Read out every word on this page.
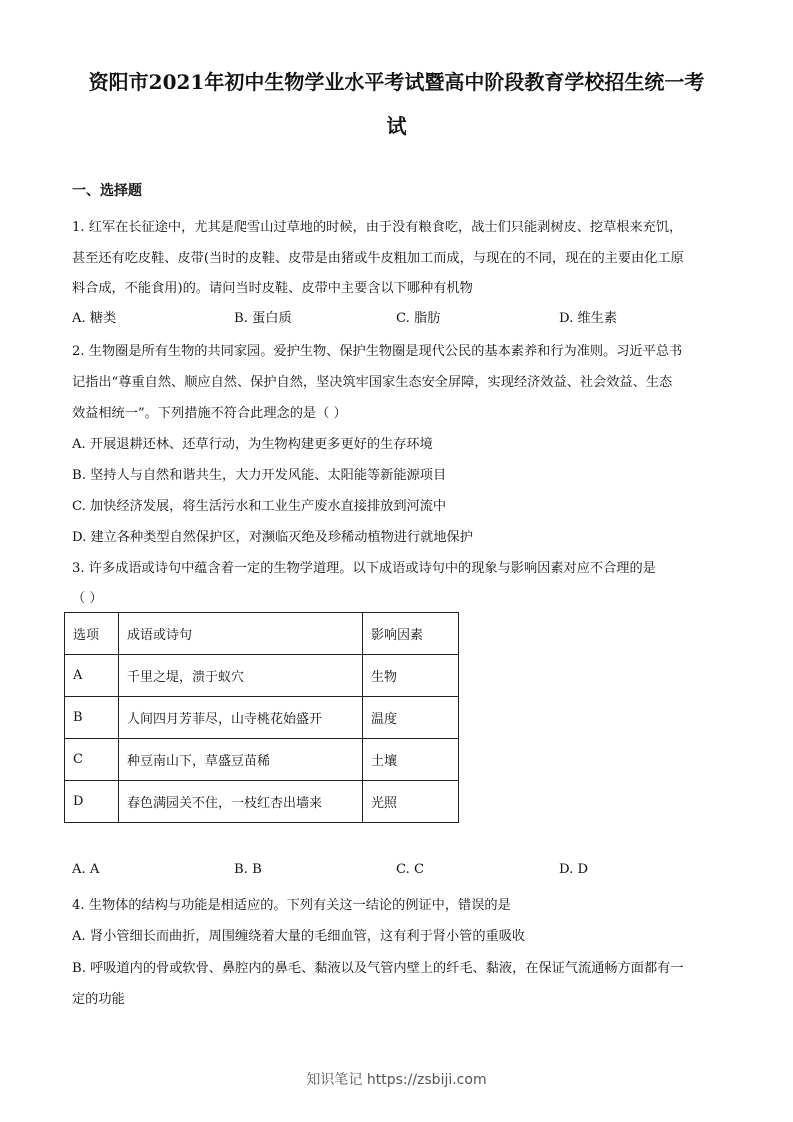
资阳市2021年初中生物学业水平考试暨高中阶段教育学校招生统一考
试
一、选择题
1. 红军在长征途中，尤其是爬雪山过草地的时候，由于没有粮食吃，战士们只能剥树皮、挖草根来充饥，
甚至还有吃皮鞋、皮带(当时的皮鞋、皮带是由猪或牛皮粗加工而成，与现在的不同，现在的主要由化工原
料合成，不能食用)的。请问当时皮鞋、皮带中主要含以下哪种有机物
A. 糖类	B. 蛋白质	C. 脂肪	D. 维生素
2. 生物圈是所有生物的共同家园。爱护生物、保护生物圈是现代公民的基本素养和行为准则。习近平总书
记指出“尊重自然、顺应自然、保护自然，坚决筑牢国家生态安全屏障，实现经济效益、社会效益、生态
效益相统一”。下列措施不符合此理念的是（ ）
A. 开展退耕还林、还草行动，为生物构建更多更好的生存环境
B. 坚持人与自然和谐共生，大力开发风能、太阳能等新能源项目
C. 加快经济发展，将生活污水和工业生产废水直接排放到河流中
D. 建立各种类型自然保护区，对濒临灭绝及珍稀动植物进行就地保护
3. 许多成语或诗句中蕴含着一定的生物学道理。以下成语或诗句中的现象与影响因素对应不合理的是
（ ）
选项	成语或诗句	影响因素
A	千里之堤，溃于蚁穴	生物
B	人间四月芳菲尽，山寺桃花始盛开	温度
C	种豆南山下，草盛豆苗稀	土壤
D	春色满园关不住，一枝红杏出墙来	光照
A. A	B. B	C. C	D. D
4. 生物体的结构与功能是相适应的。下列有关这一结论的例证中，错误的是
A. 肾小管细长而曲折，周围缠绕着大量的毛细血管，这有利于肾小管的重吸收
B. 呼吸道内的骨或软骨、鼻腔内的鼻毛、黏液以及气管内壁上的纤毛、黏液，在保证气流通畅方面都有一
定的功能
知识笔记 https://zsbiji.com
